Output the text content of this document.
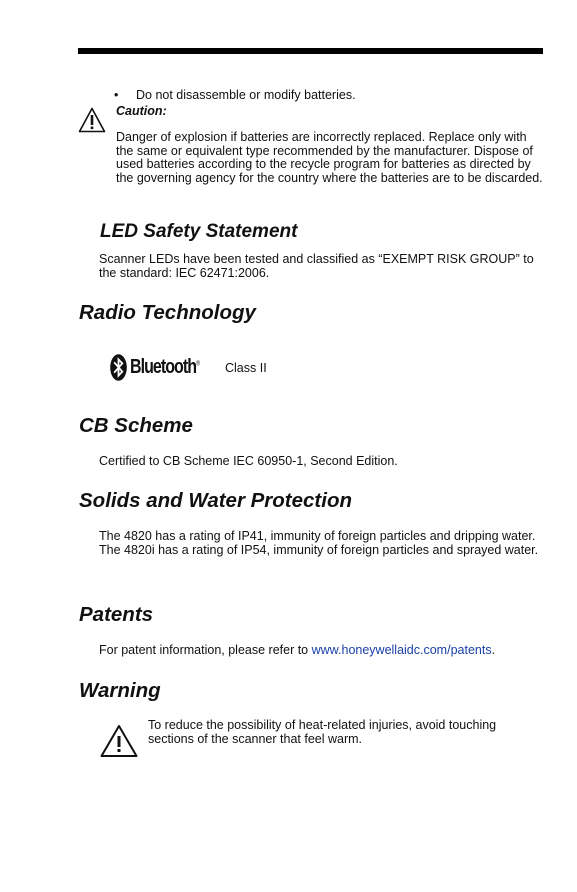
• Do not disassemble or modify batteries.

Caution:

Danger of explosion if batteries are incorrectly replaced. Replace only with the same or equivalent type recommended by the manufacturer. Dispose of used batteries according to the recycle program for batteries as directed by the governing agency for the country where the batteries are to be discarded.

LED Safety Statement

Scanner LEDs have been tested and classified as “EXEMPT RISK GROUP” to the standard: IEC 62471:2006.

Radio Technology
Bluetooth® Class II

CB Scheme

Certified to CB Scheme IEC 60950-1, Second Edition.

Solids and Water Protection

The 4820 has a rating of IP41, immunity of foreign particles and dripping water.

The 4820i has a rating of IP54, immunity of foreign particles and sprayed water.

Patents

For patent information, please refer to www.honeywellaidc.com/patents.

Warning

To reduce the possibility of heat-related injuries, avoid touching sections of the scanner that feel warm.
